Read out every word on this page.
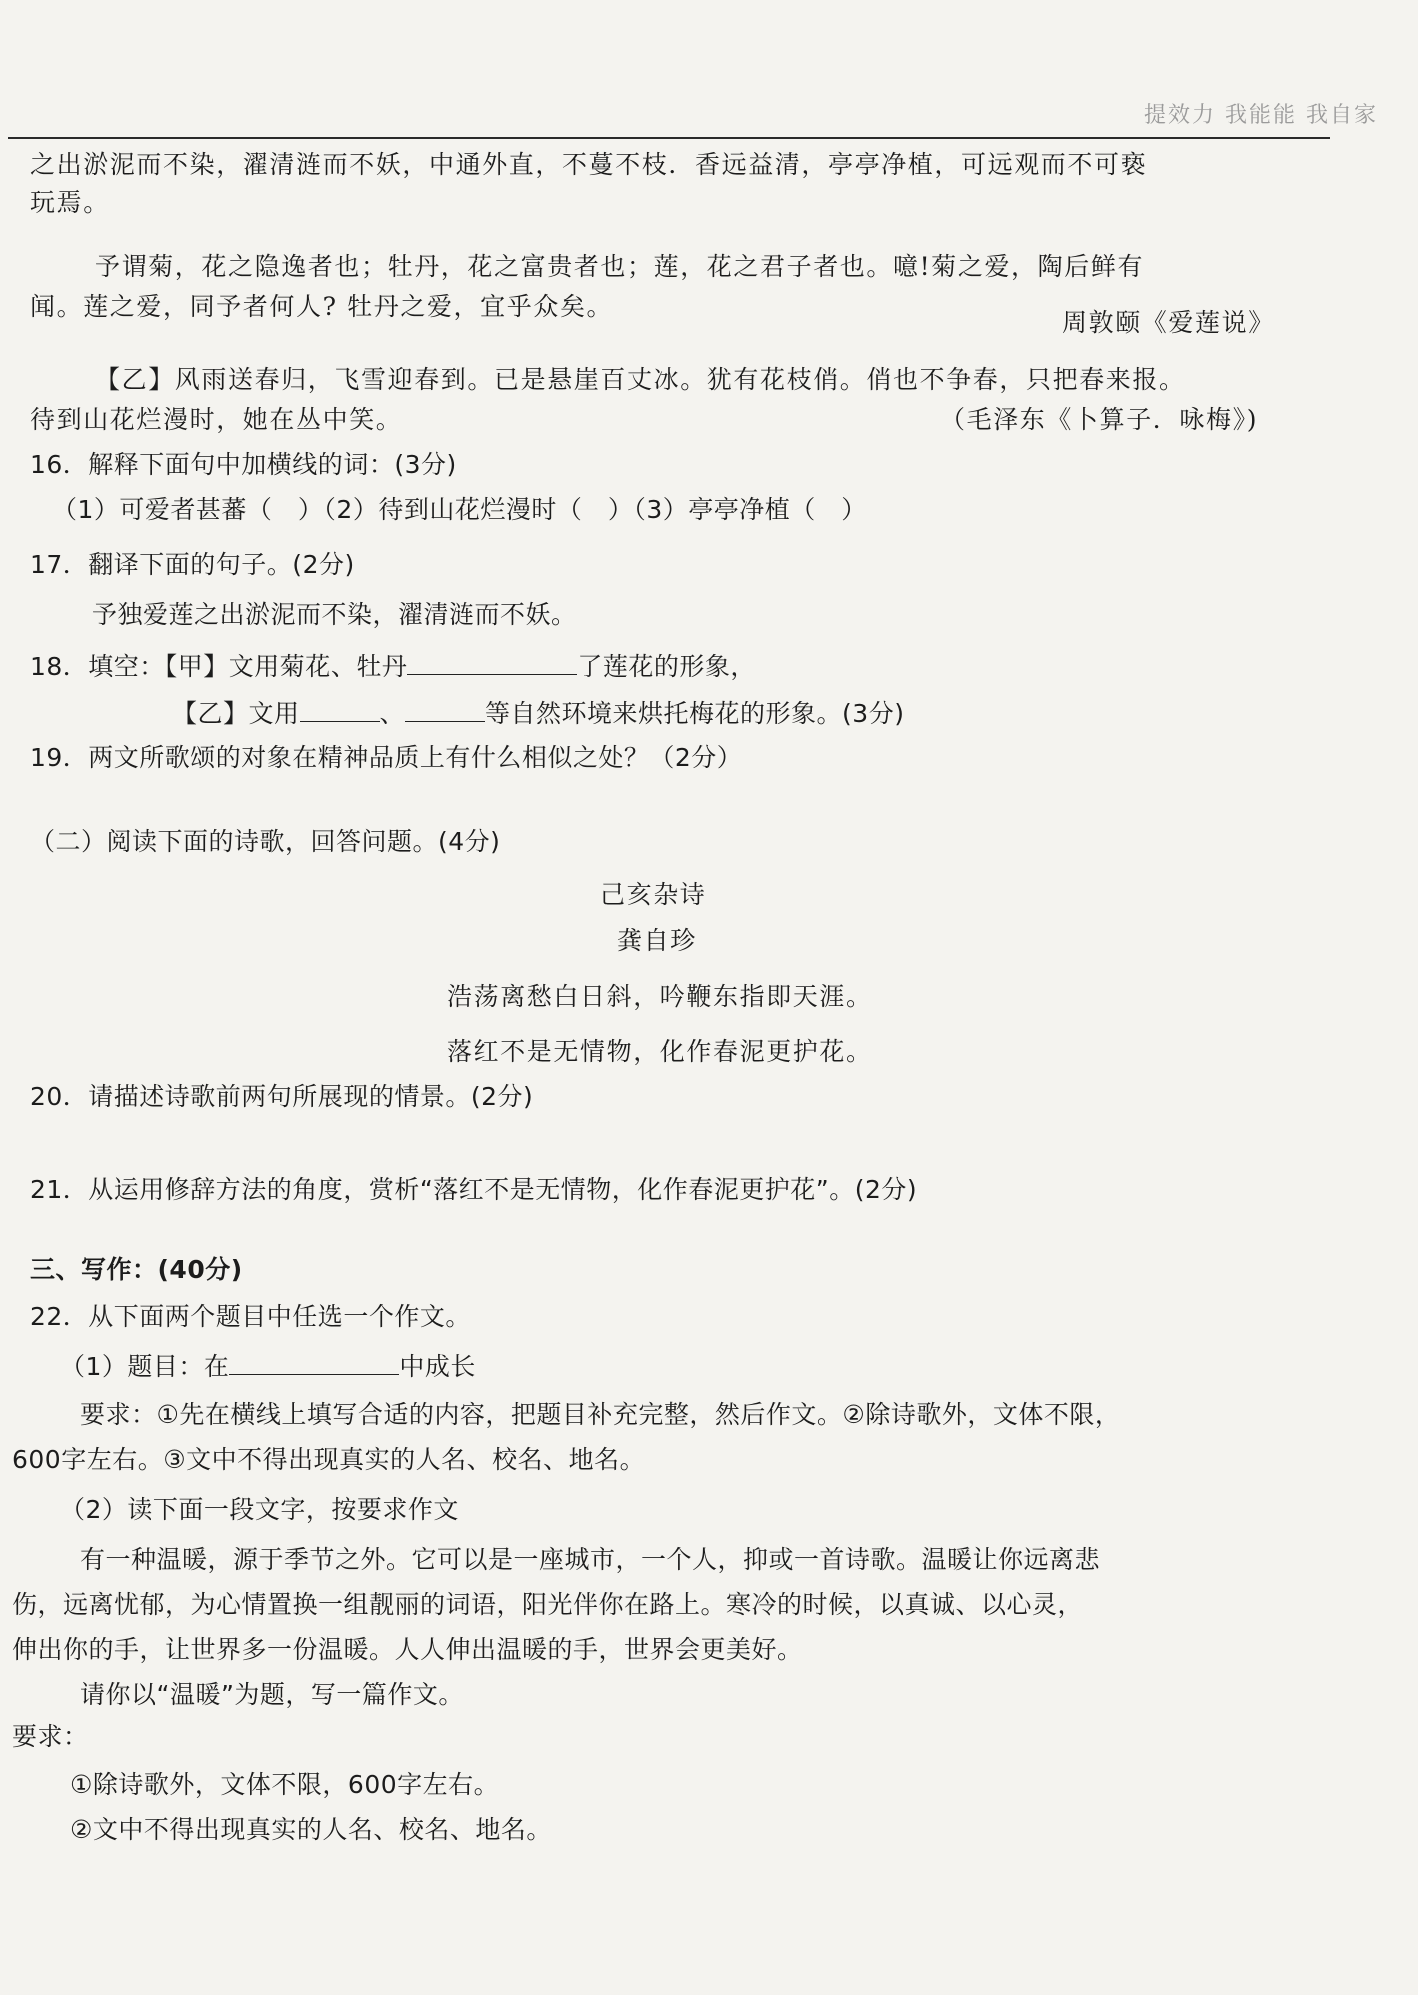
提效力 我能能 我自家
之出淤泥而不染，濯清涟而不妖，中通外直，不蔓不枝．香远益清，亭亭净植，可远观而不可亵
玩焉。
予谓菊，花之隐逸者也；牡丹，花之富贵者也；莲，花之君子者也。噫!菊之爱，陶后鲜有
闻。莲之爱，同予者何人? 牡丹之爱，宜乎众矣。
周敦颐《爱莲说》
【乙】风雨送春归，飞雪迎春到。已是悬崖百丈冰。犹有花枝俏。俏也不争春，只把春来报。
待到山花烂漫时，她在丛中笑。	（毛泽东《卜算子．咏梅》)
16．解释下面句中加横线的词：(3分)
（1）可爱者甚蕃（　）（2）待到山花烂漫时（　）（3）亭亭净植（　）
17．翻译下面的句子。(2分)
予独爱莲之出淤泥而不染，濯清涟而不妖。
18．填空：【甲】文用菊花、牡丹	了莲花的形象，
【乙】文用	、	等自然环境来烘托梅花的形象。(3分)
19．两文所歌颂的对象在精神品质上有什么相似之处？（2分）
（二）阅读下面的诗歌，回答问题。(4分)
己亥杂诗
龚自珍
浩荡离愁白日斜，吟鞭东指即天涯。
落红不是无情物，化作春泥更护花。
20．请描述诗歌前两句所展现的情景。(2分)
21．从运用修辞方法的角度，赏析“落红不是无情物，化作春泥更护花”。(2分)
三、写作：(40分)
22．从下面两个题目中任选一个作文。
（1）题目：在	中成长
要求：①先在横线上填写合适的内容，把题目补充完整，然后作文。②除诗歌外，文体不限，
600字左右。③文中不得出现真实的人名、校名、地名。
（2）读下面一段文字，按要求作文
有一种温暖，源于季节之外。它可以是一座城市，一个人，抑或一首诗歌。温暖让你远离悲
伤，远离忧郁，为心情置换一组靓丽的词语，阳光伴你在路上。寒冷的时候，以真诚、以心灵，
伸出你的手，让世界多一份温暖。人人伸出温暖的手，世界会更美好。
请你以“温暖”为题，写一篇作文。
要求：
①除诗歌外，文体不限，600字左右。
②文中不得出现真实的人名、校名、地名。
